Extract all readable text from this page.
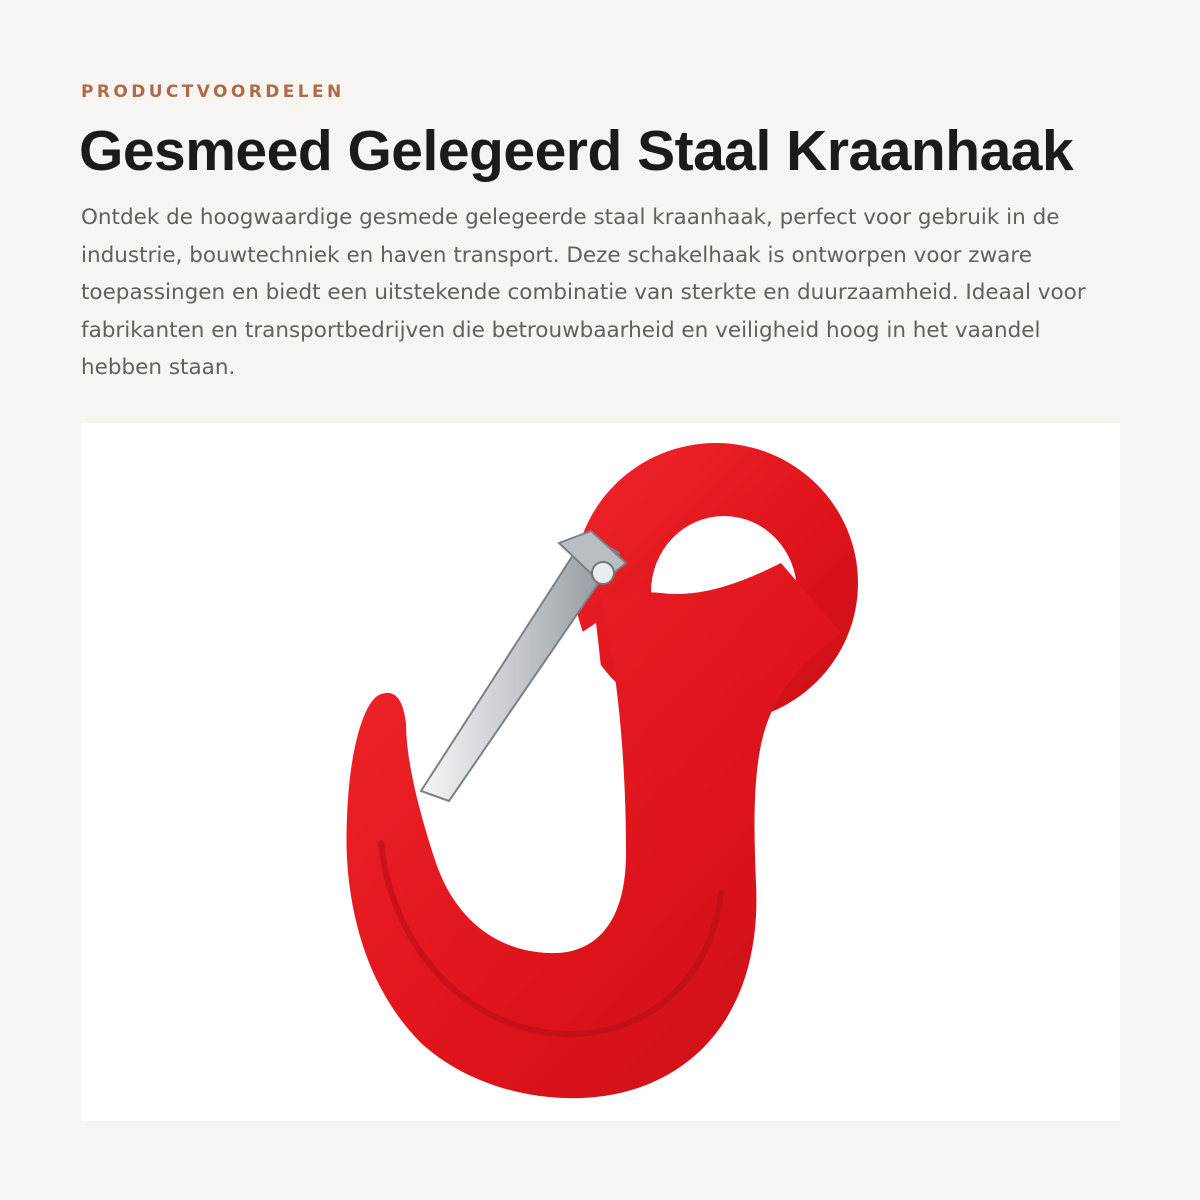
PRODUCTVOORDELEN

Gesmeed Gelegeerd Staal Kraanhaak

Ontdek de hoogwaardige gesmede gelegeerde staal kraanhaak, perfect voor gebruik in de industrie, bouwtechniek en haven transport. Deze schakelhaak is ontworpen voor zware toepassingen en biedt een uitstekende combinatie van sterkte en duurzaamheid. Ideaal voor fabrikanten en transportbedrijven die betrouwbaarheid en veiligheid hoog in het vaandel hebben staan.
